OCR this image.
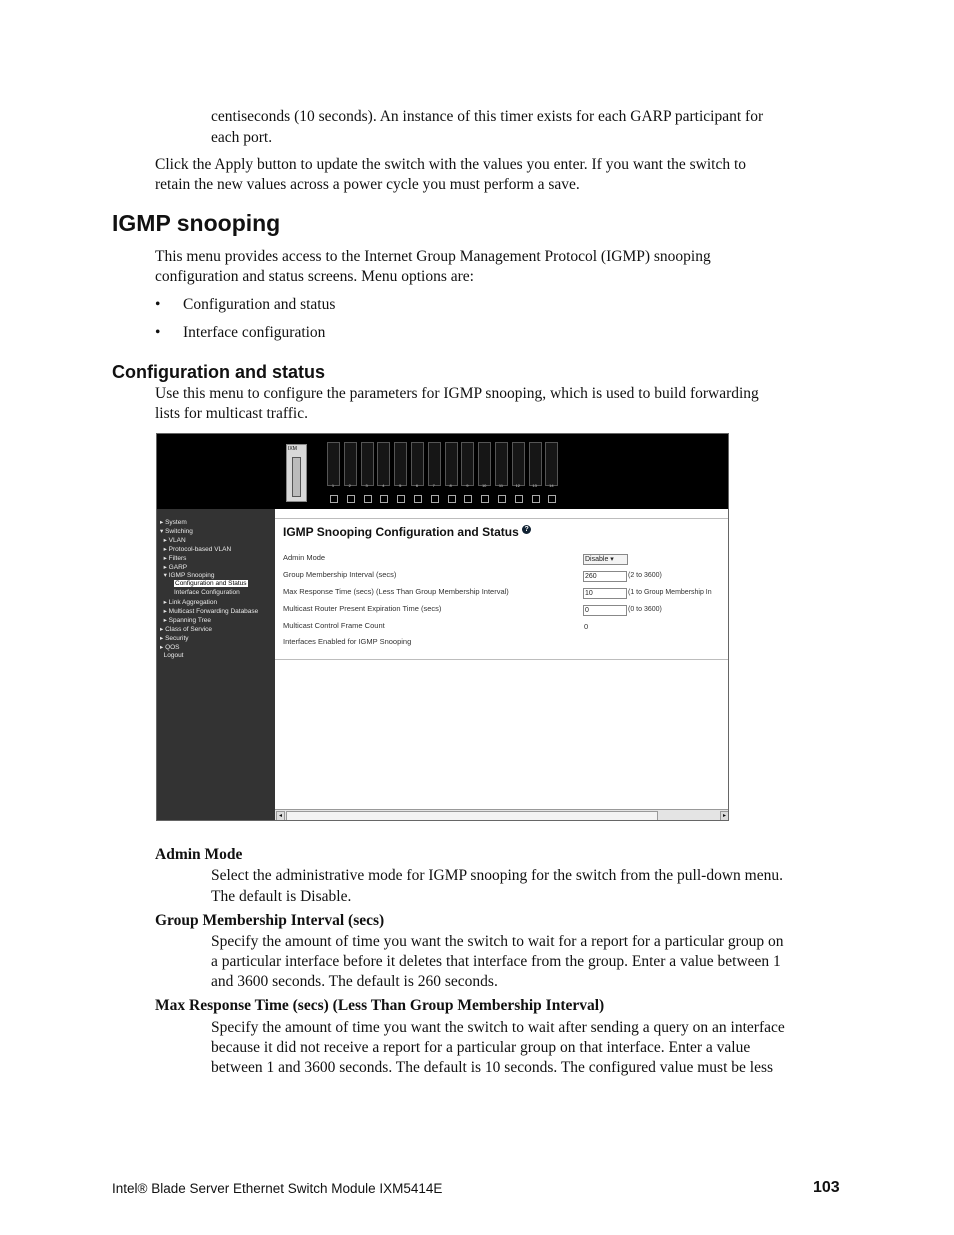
centiseconds (10 seconds). An instance of this timer exists for each GARP participant for
each port.
Click the Apply button to update the switch with the values you enter. If you want the switch to
retain the new values across a power cycle you must perform a save.
IGMP snooping
This menu provides access to the Internet Group Management Protocol (IGMP) snooping
configuration and status screens. Menu options are:
• Configuration and status
• Interface configuration
Configuration and status
Use this menu to configure the parameters for IGMP snooping, which is used to build forwarding
lists for multicast traffic.
IXM
1	2	3	4	5	6	7	8	9	10	11	12	13	14
▸ System
▾ Switching
▸ VLAN
▸ Protocol-based VLAN
▸ Filters
▸ GARP
▾ IGMP Snooping
Configuration and Status
Interface Configuration
▸ Link Aggregation
▸ Multicast Forwarding Database
▸ Spanning Tree
▸ Class of Service
▸ Security
▸ QOS
Logout
IGMP Snooping Configuration and Status ?
Admin Mode	Disable ▾
Group Membership Interval (secs)	260	(2 to 3600)
Max Response Time (secs) (Less Than Group Membership Interval)	10	(1 to Group Membership In
Multicast Router Present Expiration Time (secs)	0	(0 to 3600)
Multicast Control Frame Count	0
Interfaces Enabled for IGMP Snooping
◂	▸
Admin Mode
Select the administrative mode for IGMP snooping for the switch from the pull-down menu.
The default is Disable.
Group Membership Interval (secs)
Specify the amount of time you want the switch to wait for a report for a particular group on
a particular interface before it deletes that interface from the group. Enter a value between 1
and 3600 seconds. The default is 260 seconds.
Max Response Time (secs) (Less Than Group Membership Interval)
Specify the amount of time you want the switch to wait after sending a query on an interface
because it did not receive a report for a particular group on that interface. Enter a value
between 1 and 3600 seconds. The default is 10 seconds. The configured value must be less
Intel® Blade Server Ethernet Switch Module IXM5414E	103
